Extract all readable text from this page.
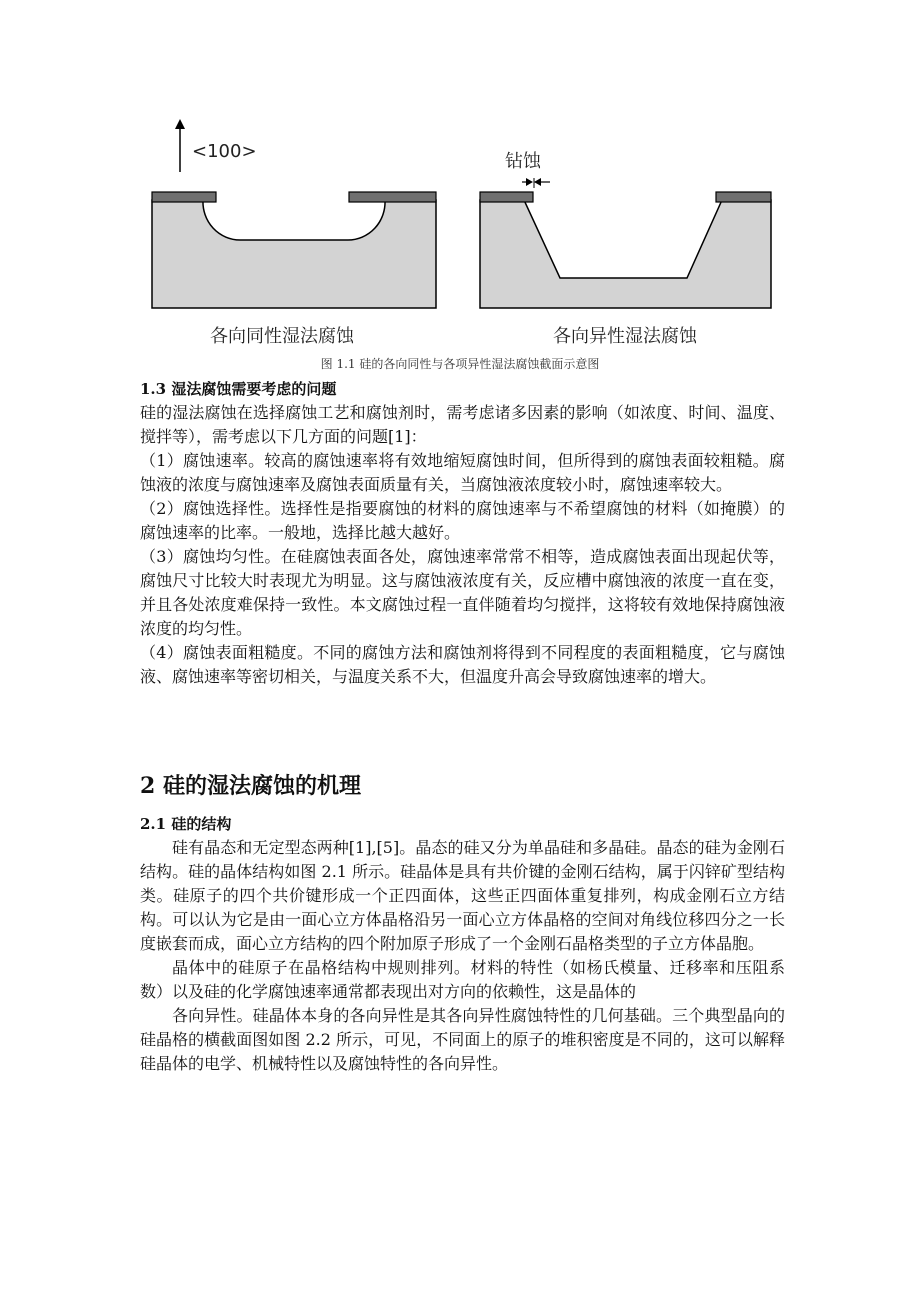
<100>
各向同性湿法腐蚀	各向异性湿法腐蚀
钻蚀
图 1.1 硅的各向同性与各项异性湿法腐蚀截面示意图
1.3 湿法腐蚀需要考虑的问题
硅的湿法腐蚀在选择腐蚀工艺和腐蚀剂时，需考虑诸多因素的影响（如浓度、时间、温度、搅拌等），需考虑以下几方面的问题[1]：
（1）腐蚀速率。较高的腐蚀速率将有效地缩短腐蚀时间，但所得到的腐蚀表面较粗糙。腐蚀液的浓度与腐蚀速率及腐蚀表面质量有关，当腐蚀液浓度较小时，腐蚀速率较大。
（2）腐蚀选择性。选择性是指要腐蚀的材料的腐蚀速率与不希望腐蚀的材料（如掩膜）的腐蚀速率的比率。一般地，选择比越大越好。
（3）腐蚀均匀性。在硅腐蚀表面各处，腐蚀速率常常不相等，造成腐蚀表面出现起伏等，腐蚀尺寸比较大时表现尤为明显。这与腐蚀液浓度有关，反应槽中腐蚀液的浓度一直在变，并且各处浓度难保持一致性。本文腐蚀过程一直伴随着均匀搅拌，这将较有效地保持腐蚀液浓度的均匀性。
（4）腐蚀表面粗糙度。不同的腐蚀方法和腐蚀剂将得到不同程度的表面粗糙度，它与腐蚀液、腐蚀速率等密切相关，与温度关系不大，但温度升高会导致腐蚀速率的增大。
2 硅的湿法腐蚀的机理
2.1 硅的结构
硅有晶态和无定型态两种[1],[5]。晶态的硅又分为单晶硅和多晶硅。晶态的硅为金刚石结构。硅的晶体结构如图 2.1 所示。硅晶体是具有共价键的金刚石结构，属于闪锌矿型结构类。硅原子的四个共价键形成一个正四面体，这些正四面体重复排列，构成金刚石立方结构。可以认为它是由一面心立方体晶格沿另一面心立方体晶格的空间对角线位移四分之一长度嵌套而成，面心立方结构的四个附加原子形成了一个金刚石晶格类型的子立方体晶胞。
晶体中的硅原子在晶格结构中规则排列。材料的特性（如杨氏模量、迁移率和压阻系数）以及硅的化学腐蚀速率通常都表现出对方向的依赖性，这是晶体的
各向异性。硅晶体本身的各向异性是其各向异性腐蚀特性的几何基础。三个典型晶向的硅晶格的横截面图如图 2.2 所示，可见，不同面上的原子的堆积密度是不同的，这可以解释硅晶体的电学、机械特性以及腐蚀特性的各向异性。
